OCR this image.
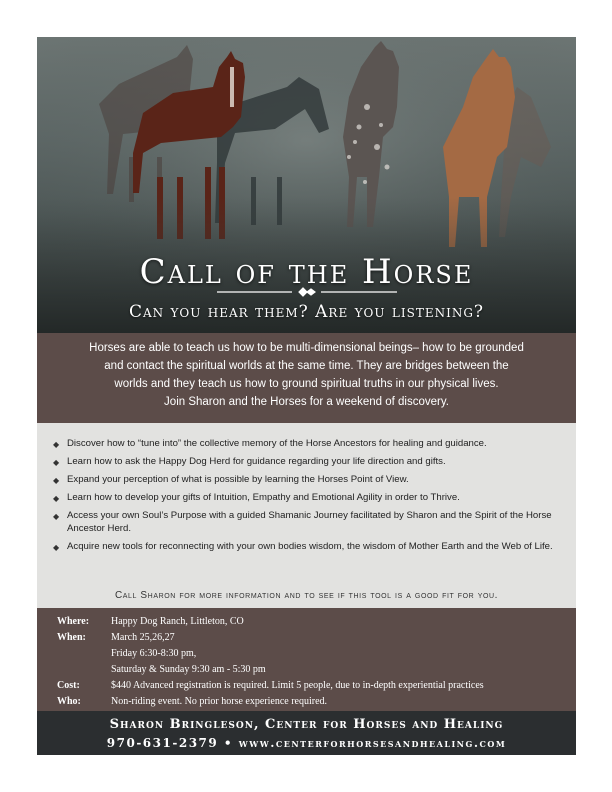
Call of the Horse
Can you hear them? Are you listening?

Horses are able to teach us how to be multi-dimensional beings– how to be grounded

and contact the spiritual worlds at the same time. They are bridges between the

worlds and they teach us how to ground spiritual truths in our physical lives.

Join Sharon and the Horses for a weekend of discovery.

◆ Discover how to “tune into” the collective memory of the Horse Ancestors for healing and guidance.
◆ Learn how to ask the Happy Dog Herd for guidance regarding your life direction and gifts.
◆ Expand your perception of what is possible by learning the Horses Point of View.
◆ Learn how to develop your gifts of Intuition, Empathy and Emotional Agility in order to Thrive.
◆ Access your own Soul’s Purpose with a guided Shamanic Journey facilitated by Sharon and the Spirit of the Horse Ancestor Herd.
◆ Acquire new tools for reconnecting with your own bodies wisdom, the wisdom of Mother Earth and the Web of Life.
Call Sharon for more information and to see if this tool is a good fit for you.
Where:	Happy Dog Ranch, Littleton, CO
When:	March 25,26,27
Friday 6:30-8:30 pm,
Saturday & Sunday 9:30 am - 5:30 pm
Cost:	$440 Advanced registration is required. Limit 5 people, due to in-depth experiential practices
Who:	Non-riding event. No prior horse experience required.
Sharon Bringleson, Center for Horses and Healing
970-631-2379 • www.centerforhorsesandhealing.com
